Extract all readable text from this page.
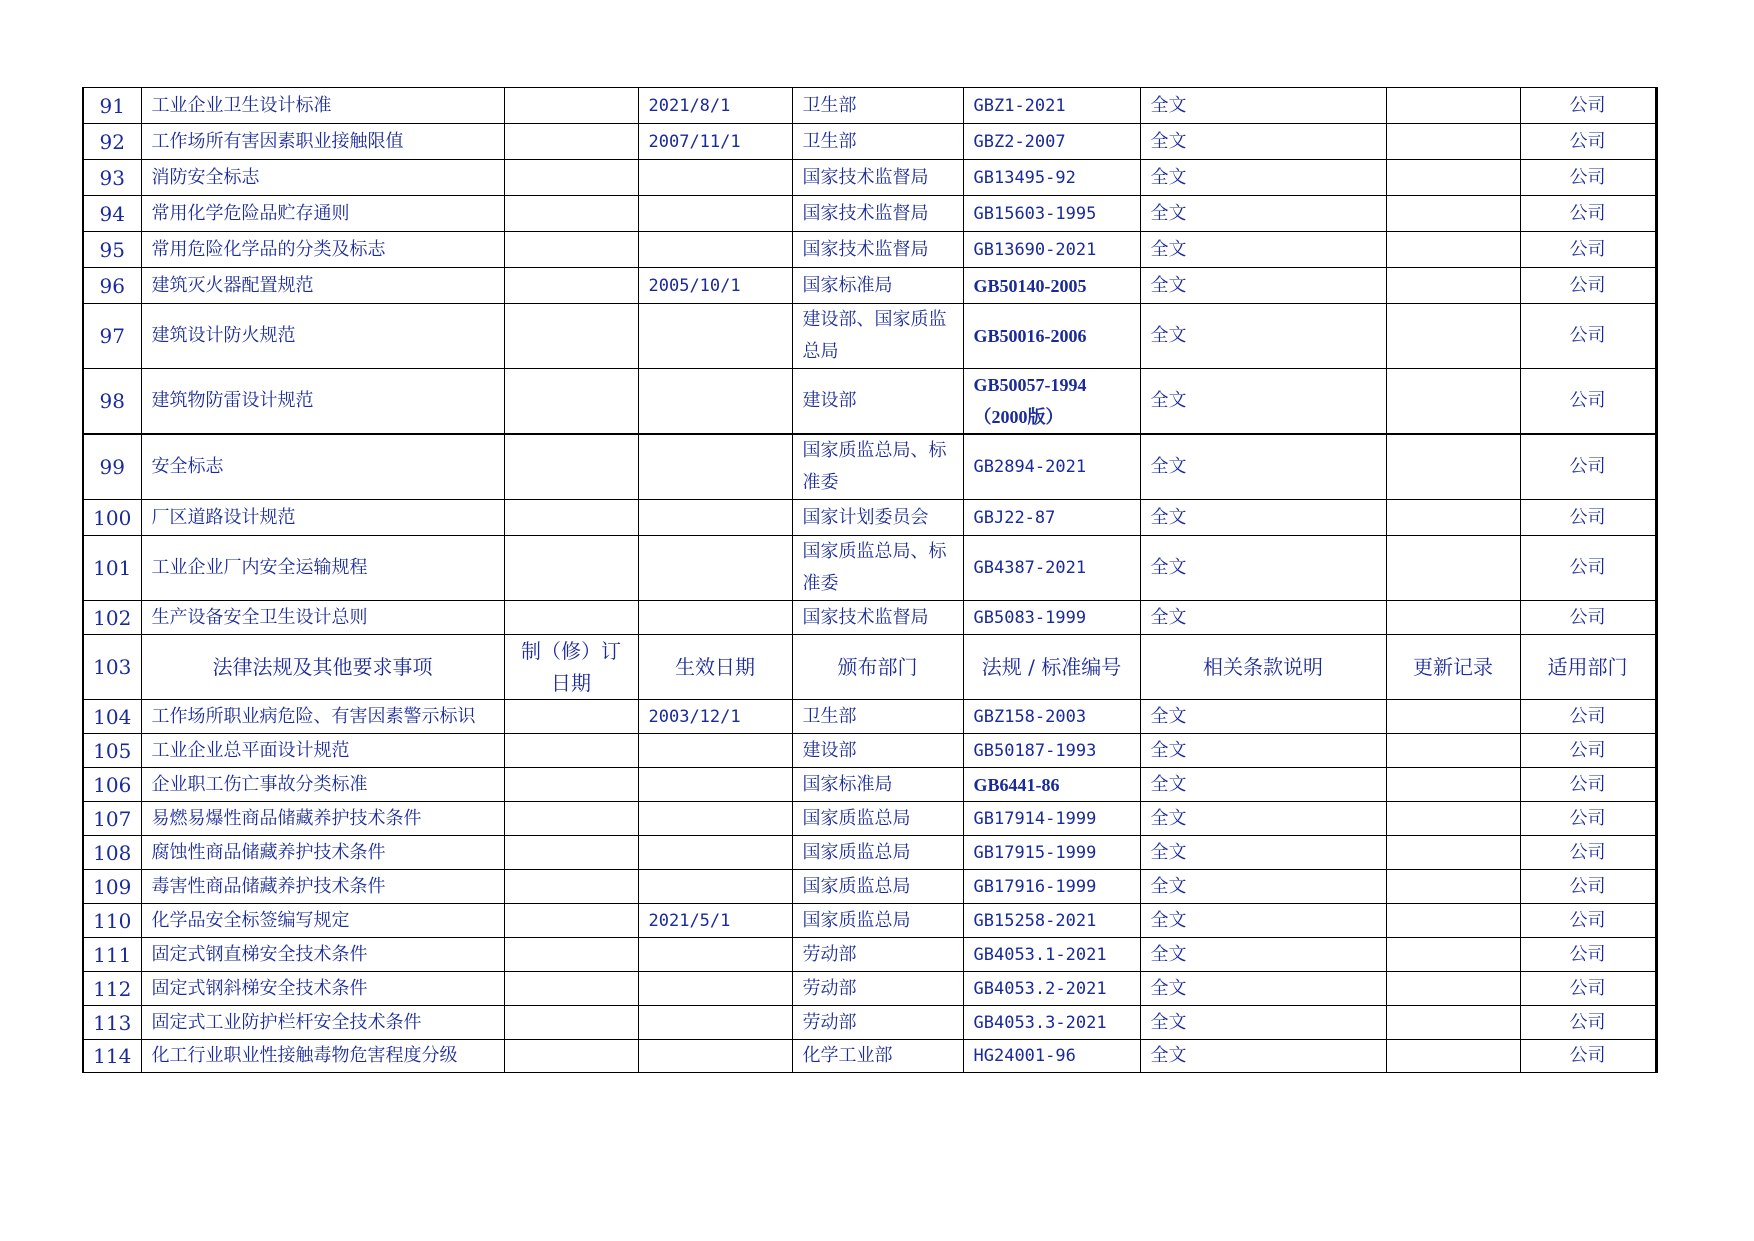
91	工业企业卫生设计标准		2021/8/1	卫生部	GBZ1-2021	全文		公司
92	工作场所有害因素职业接触限值		2007/11/1	卫生部	GBZ2-2007	全文		公司
93	消防安全标志			国家技术监督局	GB13495-92	全文		公司
94	常用化学危险品贮存通则			国家技术监督局	GB15603-1995	全文		公司
95	常用危险化学品的分类及标志			国家技术监督局	GB13690-2021	全文		公司
96	建筑灭火器配置规范		2005/10/1	国家标准局	GB50140-2005	全文		公司
97	建筑设计防火规范			建设部、国家质监总局	GB50016-2006	全文		公司
98	建筑物防雷设计规范			建设部	GB50057-1994（2000版）	全文		公司
99	安全标志			国家质监总局、标准委	GB2894-2021	全文		公司
100	厂区道路设计规范			国家计划委员会	GBJ22-87	全文		公司
101	工业企业厂内安全运输规程			国家质监总局、标准委	GB4387-2021	全文		公司
102	生产设备安全卫生设计总则			国家技术监督局	GB5083-1999	全文		公司
103	法律法规及其他要求事项	制（修）订日期	生效日期	颁布部门	法规 / 标准编号	相关条款说明	更新记录	适用部门
104	工作场所职业病危险、有害因素警示标识		2003/12/1	卫生部	GBZ158-2003	全文		公司
105	工业企业总平面设计规范			建设部	GB50187-1993	全文		公司
106	企业职工伤亡事故分类标准			国家标准局	GB6441-86	全文		公司
107	易燃易爆性商品储藏养护技术条件			国家质监总局	GB17914-1999	全文		公司
108	腐蚀性商品储藏养护技术条件			国家质监总局	GB17915-1999	全文		公司
109	毒害性商品储藏养护技术条件			国家质监总局	GB17916-1999	全文		公司
110	化学品安全标签编写规定		2021/5/1	国家质监总局	GB15258-2021	全文		公司
111	固定式钢直梯安全技术条件			劳动部	GB4053.1-2021	全文		公司
112	固定式钢斜梯安全技术条件			劳动部	GB4053.2-2021	全文		公司
113	固定式工业防护栏杆安全技术条件			劳动部	GB4053.3-2021	全文		公司
114	化工行业职业性接触毒物危害程度分级			化学工业部	HG24001-96	全文		公司
